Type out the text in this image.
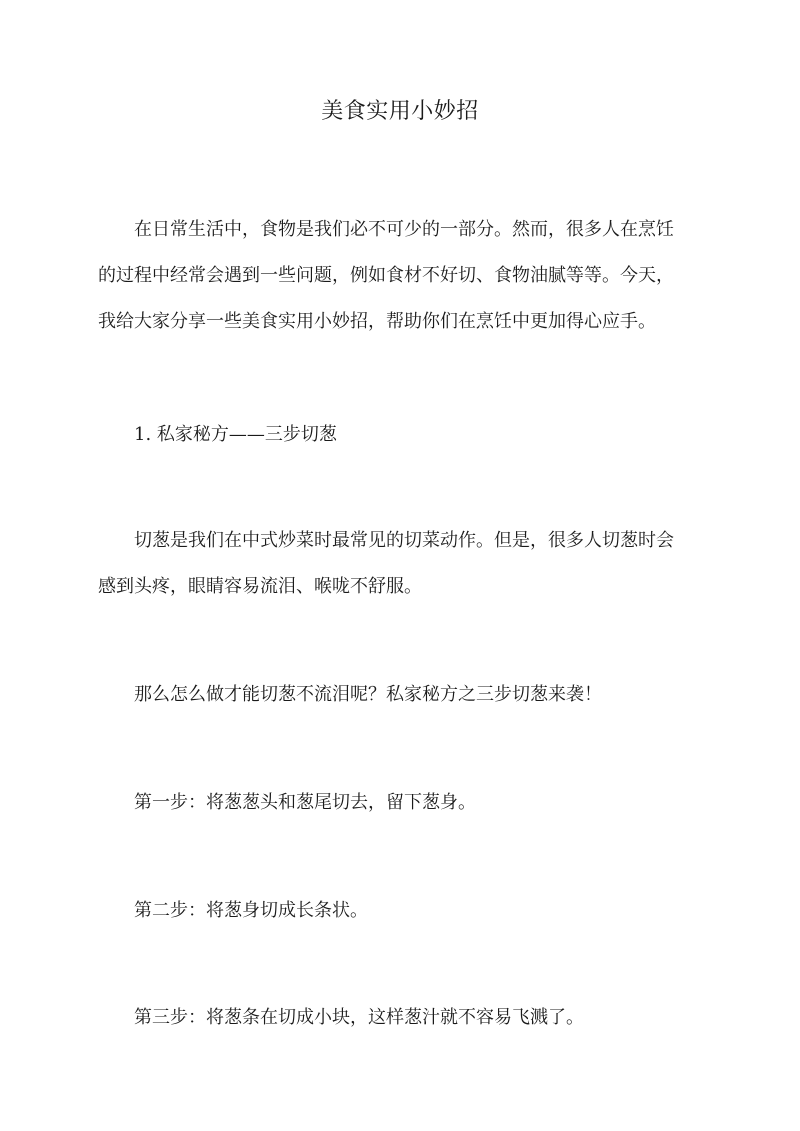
美食实用小妙招
在日常生活中，食物是我们必不可少的一部分。然而，很多人在烹饪
的过程中经常会遇到一些问题，例如食材不好切、食物油腻等等。今天，
我给大家分享一些美食实用小妙招，帮助你们在烹饪中更加得心应手。

1. 私家秘方——三步切葱

切葱是我们在中式炒菜时最常见的切菜动作。但是，很多人切葱时会
感到头疼，眼睛容易流泪、喉咙不舒服。

那么怎么做才能切葱不流泪呢？私家秘方之三步切葱来袭！

第一步：将葱葱头和葱尾切去，留下葱身。

第二步：将葱身切成长条状。

第三步：将葱条在切成小块，这样葱汁就不容易飞溅了。
